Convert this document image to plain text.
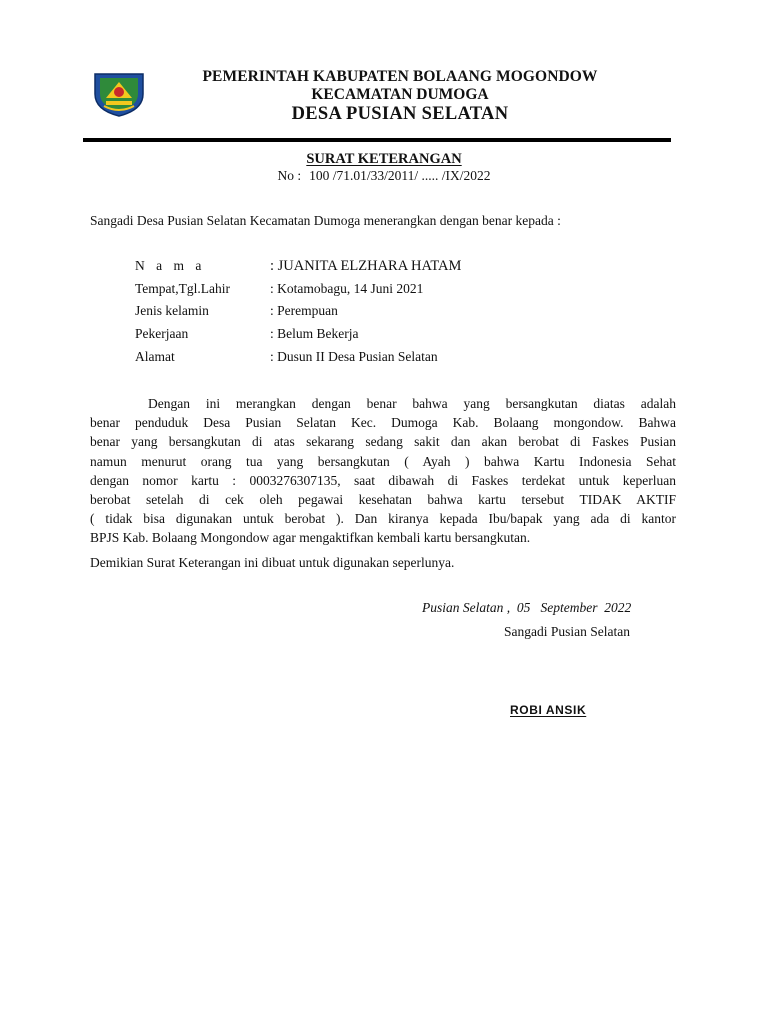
PEMERINTAH KABUPATEN BOLAANG MOGONDOW
KECAMATAN DUMOGA
DESA PUSIAN SELATAN
SURAT KETERANGAN
No : 100 /71.01/33/2011/ ..... /IX/2022
Sangadi Desa Pusian Selatan Kecamatan Dumoga menerangkan dengan benar kepada :
N a m a	: JUANITA ELZHARA HATAM
Tempat,Tgl.Lahir	: Kotamobagu, 14 Juni 2021
Jenis kelamin	: Perempuan
Pekerjaan	: Belum Bekerja
Alamat	: Dusun II Desa Pusian Selatan
Dengan ini merangkan dengan benar bahwa yang bersangkutan diatas adalah
benar penduduk Desa Pusian Selatan Kec. Dumoga Kab. Bolaang mongondow. Bahwa
benar yang bersangkutan di atas sekarang sedang sakit dan akan berobat di Faskes Pusian
namun menurut orang tua yang bersangkutan ( Ayah ) bahwa Kartu Indonesia Sehat
dengan nomor kartu : 0003276307135, saat dibawah di Faskes terdekat untuk keperluan
berobat setelah di cek oleh pegawai kesehatan bahwa kartu tersebut TIDAK AKTIF
( tidak bisa digunakan untuk berobat ). Dan kiranya kepada Ibu/bapak yang ada di kantor
BPJS Kab. Bolaang Mongondow agar mengaktifkan kembali kartu bersangkutan.
Demikian Surat Keterangan ini dibuat untuk digunakan seperlunya.
Pusian Selatan ,  05   September  2022
Sangadi Pusian Selatan
ROBI ANSIK
